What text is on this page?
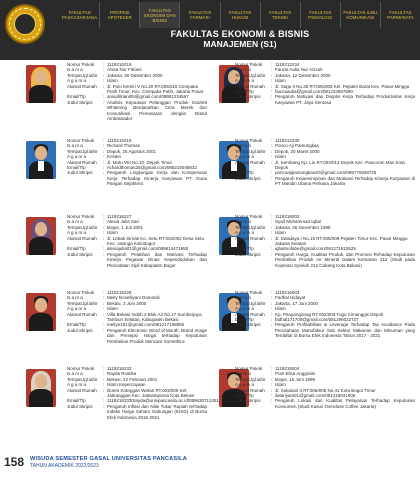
FAKULTAS PASCASARJANA
PROFESI APOTEKER
FAKULTAS EKONOMI DAN BISNIS
FAKULTAS FARMASI
FAKULTAS HUKUM
FAKULTAS TEKNIK
FAKULTAS PSIKOLOGI
FAKULTAS ILMU KOMUNIKASI
FAKULTAS PARIWISATA
FAKULTAS EKONOMI & BISNIS
MANAJEMEN (S1)
Nomor Pokok	: 1119216219
N a m a	: Anisa Nur Fitriani
Tempat,tgl.lahir	: Jakarta, 30 Desember 2000
A g a m a	: Islam
Alamat Rumah	: Jl. Pulo Kemiri V No.20 RT.005/015 Cempaka Putih Timur, Kec. Cempaka Putih, Jakarta Pusat
Email/Tlp	: anisafitriani05@gmail.com/08981234567
Judul Skripsi	: Analisis Kepuasan Pelanggan Produk Scarlett Whitening Berdasarkan Citra Merek dan Komunikasi Pemasaran dengan Brand Ambassador
Nomor Pokok	: 1119212234
N a m a	: Fauzia Aulia Nur Azizah
Tempat,tgl.lahir	: Jakarta, 12 Desember 2000
A g a m a	: Islam
Alamat Rumah	: Jl. Sagu II No.35 RT.005/005 Kel. Pejaten Barat Kec. Pasar Minggu
Email/Tlp	: fauziaaulia@gmail.com/081234567890
Judul Skripsi	: Pengaruh Motivasi dan Disiplin Kerja Terhadap Produktivitas Kerja Karyawan PT. Jaya Sentosa
Nomor Pokok	: 1119216219
N a m a	: Richard Thomas
Tempat,tgl.lahir	: Depok, 25 Agustus 2001
A g a m a	: Kristen
Alamat Rumah	: Jl. Mutu VIII No.10, Depok Timur
Email/Tlp	: richardthomas25@gmail.com/085215048832
Judul Skripsi	: Pengaruh Lingkungan Kerja dan Kompensasi Kerja Terhadap Kinerja Karyawan PT Guna Pangan Sejahtera
Nomor Pokok	: 1119212230
N a m a	: Ponco Aji Pamungkas
Tempat,tgl.lahir	: Depok, 20 Maret 2000
A g a m a	: Islam
Alamat Rumah	: Jl. Kembang Kp. Lio RT.004/013 Depok Kec. Pancoran Mas Kota Depok
Email/Tlp	: poncoajipamungkas20@gmail.com/085770838725
Judul Skripsi	: Pengaruh Kepemimpinan dan Motivasi Terhadap Kinerja Karyawan di PT Mandiri Utama Perkasa Jakarta
Nomor Pokok	: 1119216227
N a m a	: Alexia Julia Sari
Tempat,tgl.lahir	: Bogor, 1 Juli 2001
A g a m a	: Islam
Alamat Rumah	: Jl. Lebak Sirnak Ko. Setu RT.002/002 Desa Setu Kec. Jasinga Kab.Bogor
Email/Tlp	: alexiajulia01@gmail.com/089614471958
Judul Skripsi	: Pengaruh Pelatihan dan Motivasi Terhadap Kinerja Pegawai Dinas Kependudukan dan Pencatatan Sipil Kabupaten Bogor
Nomor Pokok	: 1119216002
N a m a	: Syaif Muhammad Iqbal
Tempat,tgl.lahir	: Jakarta, 26 November 1998
A g a m a	: Islam
Alamat Rumah	: Jl. Swadaya I No.15 RT.005/009 Pejaten Timur Kec. Pasar Minggu Jakarta Selatan
Email/Tlp	: iqbalmofabe@gmail.com/081271815525
Judul Skripsi	: Pengaruh Harga, Kualitas Produk, dan Promosi Terhadap Keputusan Pembelian Produk Air Mineral Dalam Kemasan 212 (Studi pada Koperasi Syariah 212 Cabang Kota Bekasi)
Nomor Pokok	: 1119216228
N a m a	: Meity Novelliyani Damanik
Tempat,tgl.lahir	: Bekasi, 3 Juni 2000
A g a m a	: Islam
Alamat Rumah	: Villa Bekasi Indah 2 Blok A2 No.17 Sumberjaya, Tambun Selatan, Kabupaten Bekasi
Email/Tlp	: meityn191@gmail.com/081217158865
Judul Skripsi	: Pengaruh Electronic Word of Mouth, Brand Image dan Persepsi Harga terhadap Keputusan Pembelian Produk Skincare Somethinc
Nomor Pokok	: 1119215003
N a m a	: Fadhal Hidayat
Tempat,tgl.lahir	: Jakarta, 17 Juni 2000
A g a m a	: Islam
Alamat Rumah	: Kp. Pangongonag RT.002/003 Tugu Cimanggis Depok
Email/Tlp	: fadhal171700@gmail.com/081296022727
Judul Skripsi	: Pengaruh Profitabilitas & Leverage Terhadap Tax Avoidance Pada Perusahaan Manufaktur Sub Sektor Makanan dan Minuman yang Terdaftar di Bursa Efek Indonesia Tahun 2017 - 2021
Nomor Pokok	: 1119216233
N a m a	: Rayda Rustika
Tempat,tgl.lahir	: Bekasi, 22 Februari 2001
A g a m a	: Islam Kepercayaan
Alamat Rumah	: Duren Kranggan Wetan RT.003/009 Kel. Jatiranggan Kec. Jatisampurna Kota Bekasi
Email/Tlp	: 11192162330rayda@univpancasila.ac.id/089630712451
Judul Skripsi	: Pengaruh Inflasi dan Nilai Tukar Rupiah terhadap Indeks Harga Saham Gabungan (IHSG) di Bursa Efek Indonesia 2015-2021
Nomor Pokok	: 1119215004
N a m a	: Putri Elisa Anggraini
Tempat,tgl.lahir	: Bogor, 15 Juni 1999
A g a m a	: Islam
Alamat Rumah	: Jl. Sukasari 3 RT.006/006 No.41 Kota Bogor Timur
Email/Tlp	: ilatariyani01@gmail.com/081319041906
Judul Skripsi	: Pengaruh Lokasi dan Kualitas Pelayanan Terhadap Keputusan Konsumen (Studi Kasus Overdose Coffee Jakarta)
158 WISUDA SEMESTER GASAL UNIVERSITAS PANCASILA
TAHUN AKADEMIK 2022/2023
